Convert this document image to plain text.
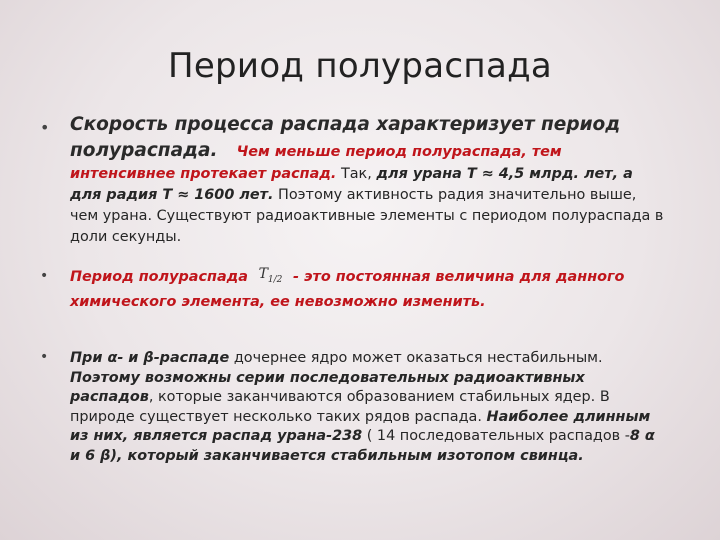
Период полураспада
• Скорость процесса распада характеризует период полураспада. Чем меньше период полураспада, тем интенсивнее протекает распад. Так, для урана Т ≈ 4,5 млрд. лет, а для радия Т ≈ 1600 лет. Поэтому активность радия значительно выше, чем урана. Существуют радиоактивные элементы с периодом полураспада в доли секунды.
• Период полураспада $T_{1/2}$ - это постоянная величина для данного химического элемента, ее невозможно изменить.
• При α- и β-распаде дочернее ядро может оказаться нестабильным. Поэтому возможны серии последовательных радиоактивных распадов, которые заканчиваются образованием стабильных ядер. В природе существует несколько таких рядов распада. Наиболее длинным из них, является распад урана-238 ( 14 последовательных распадов -8 α и 6 β), который заканчивается стабильным изотопом свинца.
